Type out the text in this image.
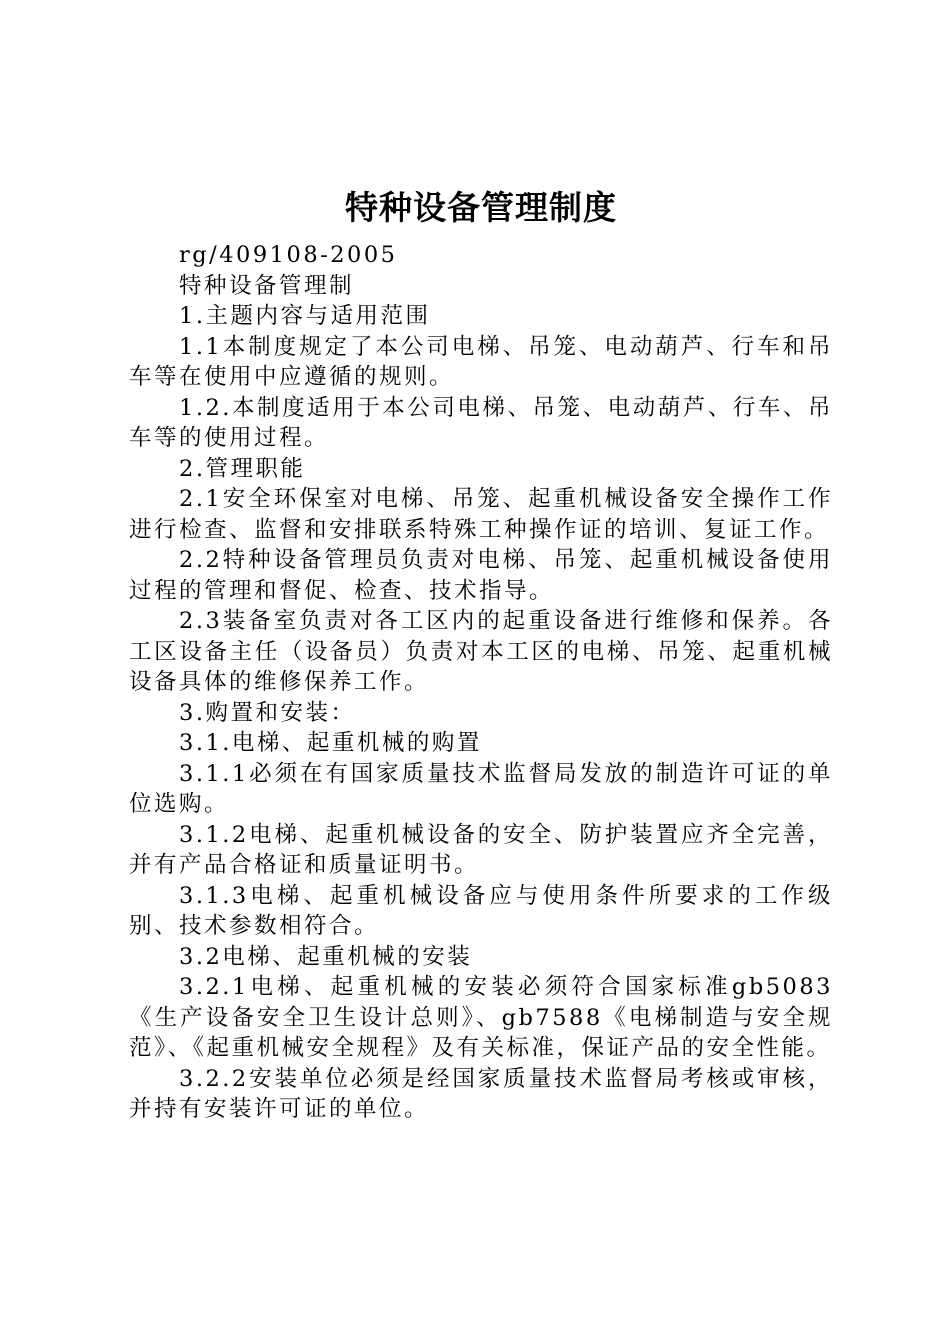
特种设备管理制度

rg/409108-2005

特种设备管理制

1.主题内容与适用范围

1.1本制度规定了本公司电梯、吊笼、电动葫芦、行车和吊车等在使用中应遵循的规则。

1.2.本制度适用于本公司电梯、吊笼、电动葫芦、行车、吊车等的使用过程。

2.管理职能

2.1安全环保室对电梯、吊笼、起重机械设备安全操作工作进行检查、监督和安排联系特殊工种操作证的培训、复证工作。

2.2特种设备管理员负责对电梯、吊笼、起重机械设备使用过程的管理和督促、检查、技术指导。

2.3装备室负责对各工区内的起重设备进行维修和保养。各工区设备主任（设备员）负责对本工区的电梯、吊笼、起重机械设备具体的维修保养工作。

3.购置和安装：

3.1.电梯、起重机械的购置

3.1.1必须在有国家质量技术监督局发放的制造许可证的单位选购。

3.1.2电梯、起重机械设备的安全、防护装置应齐全完善，并有产品合格证和质量证明书。

3.1.3电梯、起重机械设备应与使用条件所要求的工作级别、技术参数相符合。

3.2电梯、起重机械的安装

3.2.1电梯、起重机械的安装必须符合国家标准gb5083《生产设备安全卫生设计总则》、gb7588《电梯制造与安全规范》、《起重机械安全规程》及有关标准，保证产品的安全性能。

3.2.2安装单位必须是经国家质量技术监督局考核或审核，并持有安装许可证的单位。
